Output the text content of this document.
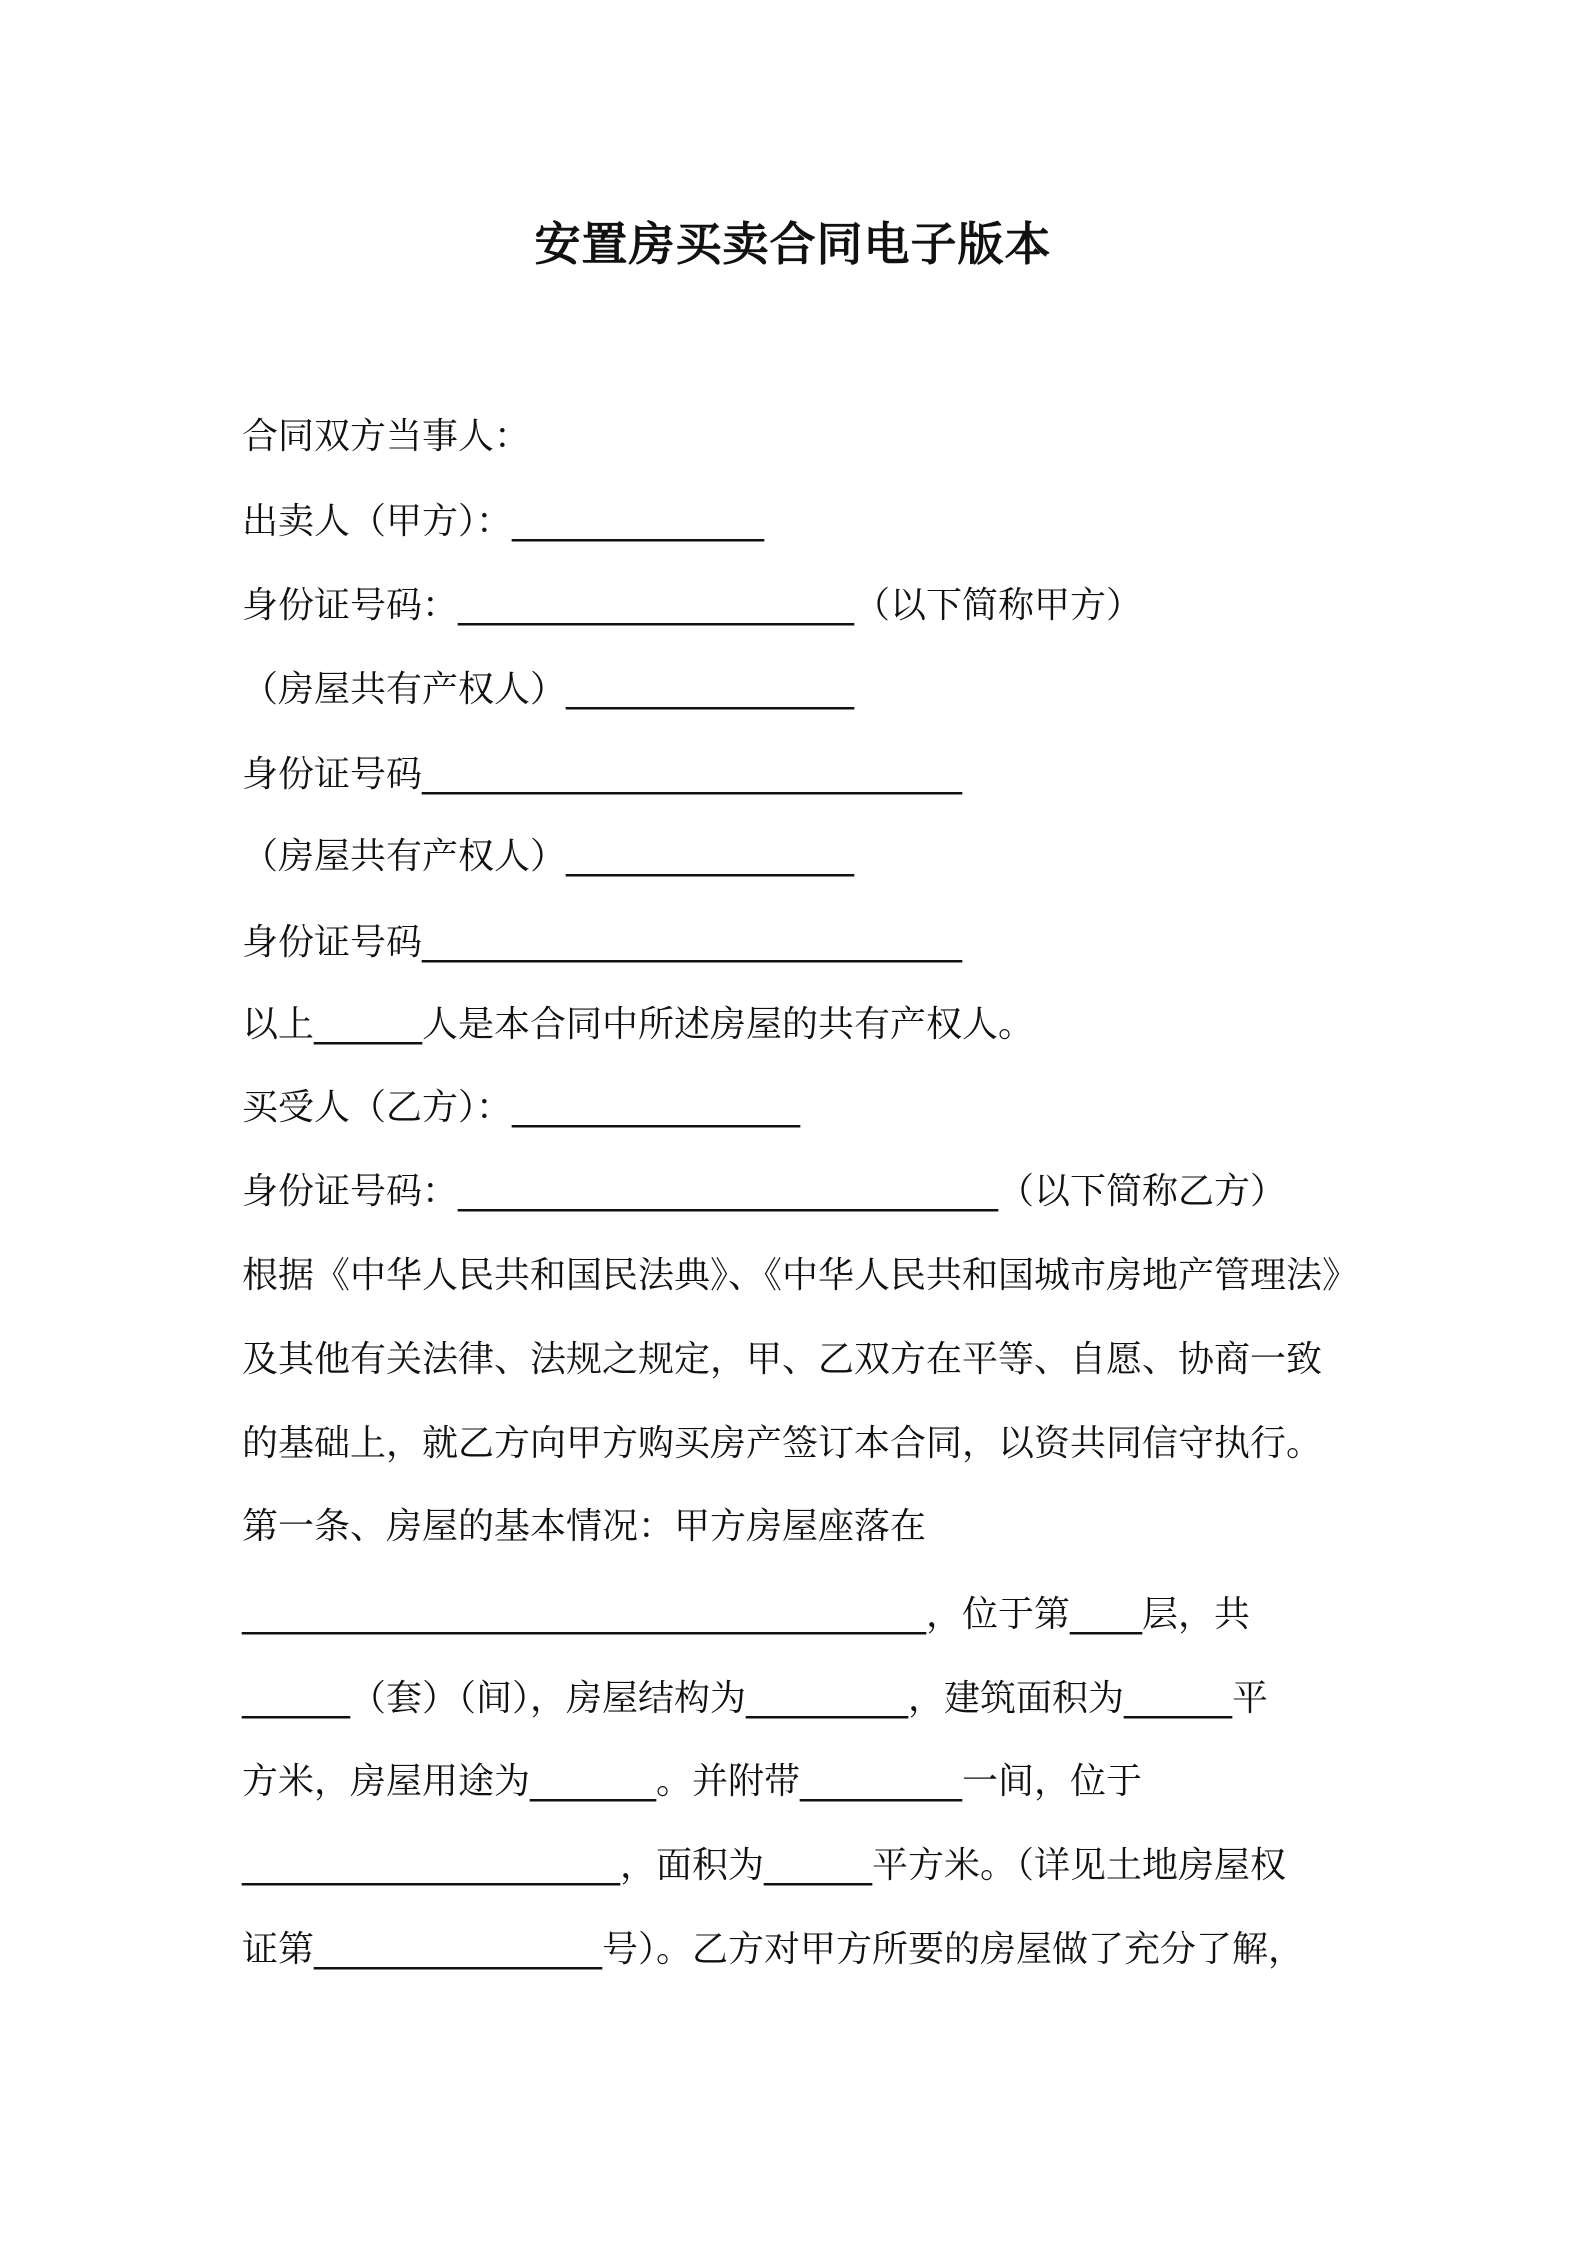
安置房买卖合同电子版本
合同双方当事人：
出卖人（甲方）：______________
身份证号码：______________________（以下简称甲方）
（房屋共有产权人）________________
身份证号码______________________________
（房屋共有产权人）________________
身份证号码______________________________
以上______人是本合同中所述房屋的共有产权人。
买受人（乙方）：________________
身份证号码：______________________________（以下简称乙方）
根据《中华人民共和国民法典》、《中华人民共和国城市房地产管理法》
及其他有关法律、法规之规定，甲、乙双方在平等、自愿、协商一致
的基础上，就乙方向甲方购买房产签订本合同，以资共同信守执行。
第一条、房屋的基本情况：甲方房屋座落在
______________________________________，位于第____层，共
______（套）（间），房屋结构为_________，建筑面积为______平
方米，房屋用途为_______。并附带_________一间，位于
_____________________，面积为______平方米。（详见土地房屋权
证第________________号）。乙方对甲方所要的房屋做了充分了解，
